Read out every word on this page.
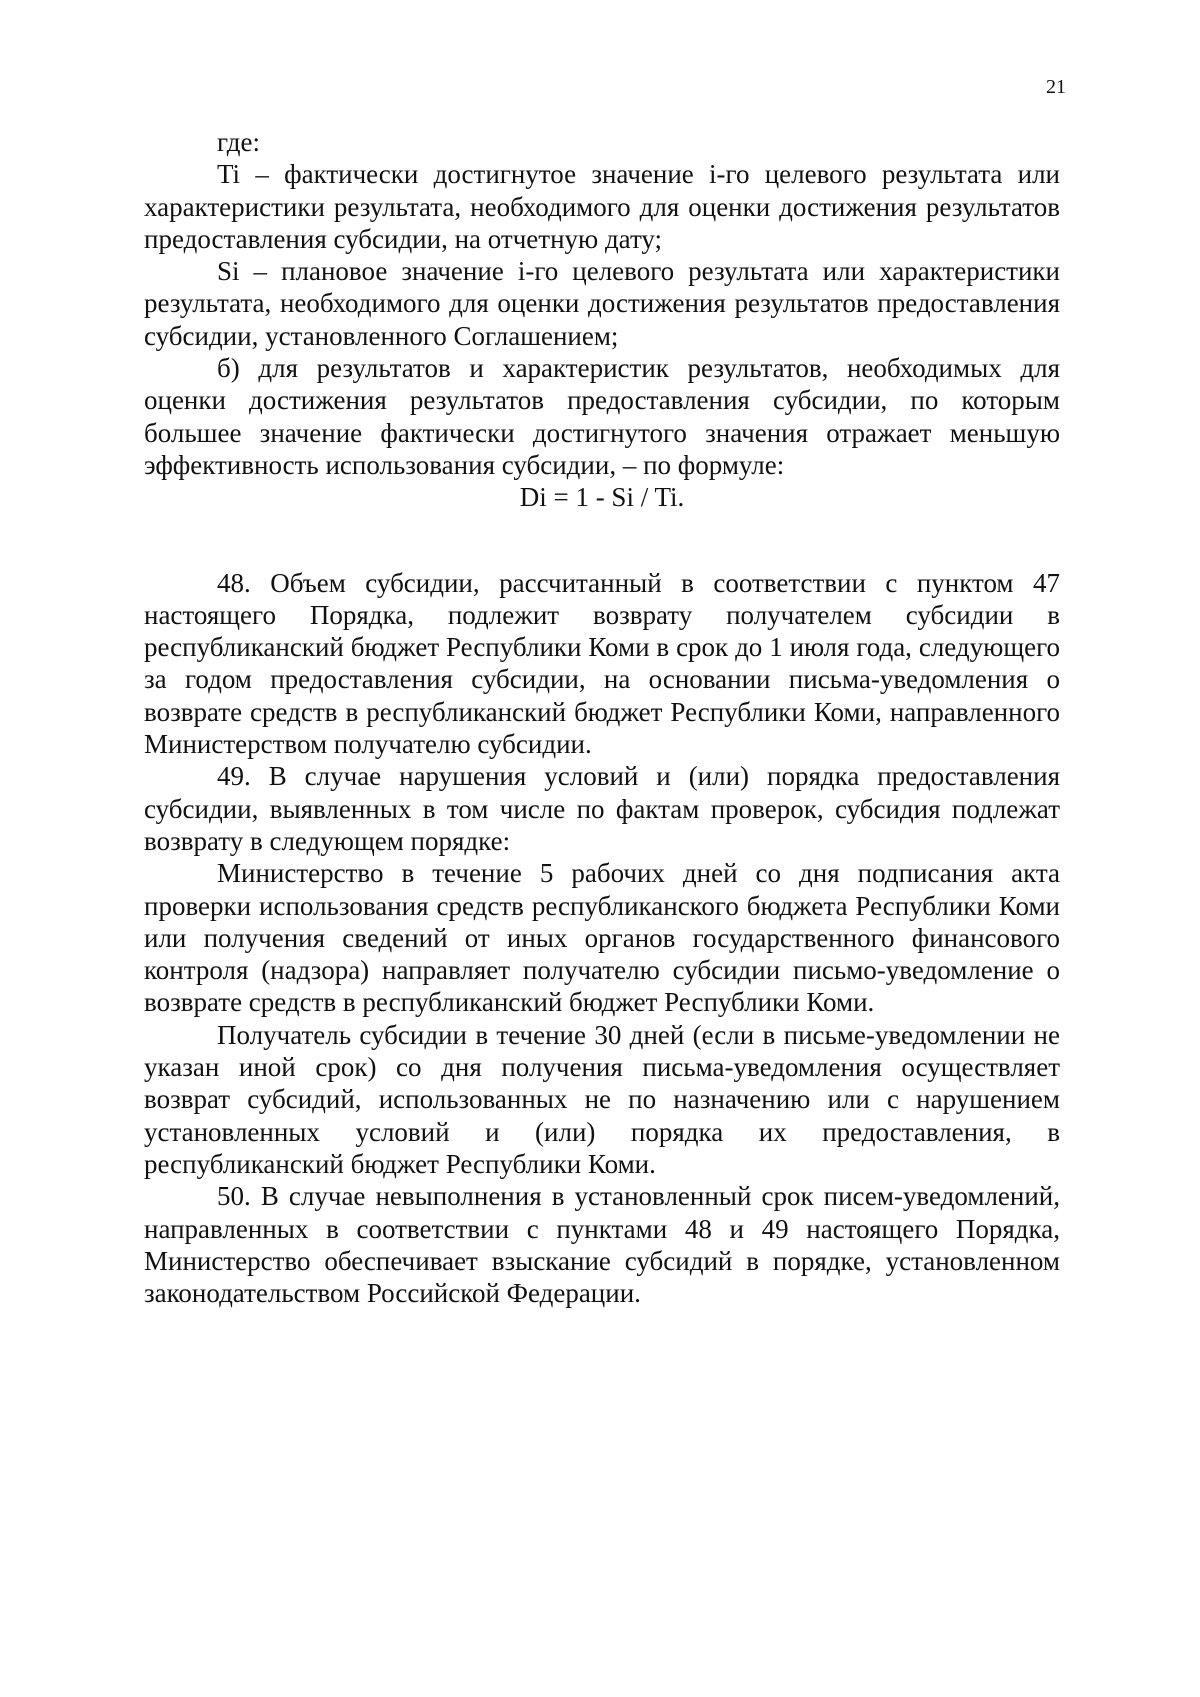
21

где:

Ti – фактически достигнутое значение i-го целевого результата или характеристики результата, необходимого для оценки достижения результатов предоставления субсидии, на отчетную дату;

Si – плановое значение i-го целевого результата или характеристики результата, необходимого для оценки достижения результатов предоставления субсидии, установленного Соглашением;

б) для результатов и характеристик результатов, необходимых для оценки достижения результатов предоставления субсидии, по которым большее значение фактически достигнутого значения отражает меньшую эффективность использования субсидии, – по формуле:

Di = 1 - Si / Ti.

48. Объем субсидии, рассчитанный в соответствии с пунктом 47 настоящего Порядка, подлежит возврату получателем субсидии в республиканский бюджет Республики Коми в срок до 1 июля года, следующего за годом предоставления субсидии, на основании письма-уведомления о возврате средств в республиканский бюджет Республики Коми, направленного Министерством получателю субсидии.

49. В случае нарушения условий и (или) порядка предоставления субсидии, выявленных в том числе по фактам проверок, субсидия подлежат возврату в следующем порядке:

Министерство в течение 5 рабочих дней со дня подписания акта проверки использования средств республиканского бюджета Республики Коми или получения сведений от иных органов государственного финансового контроля (надзора) направляет получателю субсидии письмо-уведомление о возврате средств в республиканский бюджет Республики Коми.

Получатель субсидии в течение 30 дней (если в письме-уведомлении не указан иной срок) со дня получения письма-уведомления осуществляет возврат субсидий, использованных не по назначению или с нарушением установленных условий и (или) порядка их предоставления, в республиканский бюджет Республики Коми.

50. В случае невыполнения в установленный срок писем-уведомлений, направленных в соответствии с пунктами 48 и 49 настоящего Порядка, Министерство обеспечивает взыскание субсидий в порядке, установленном законодательством Российской Федерации.
